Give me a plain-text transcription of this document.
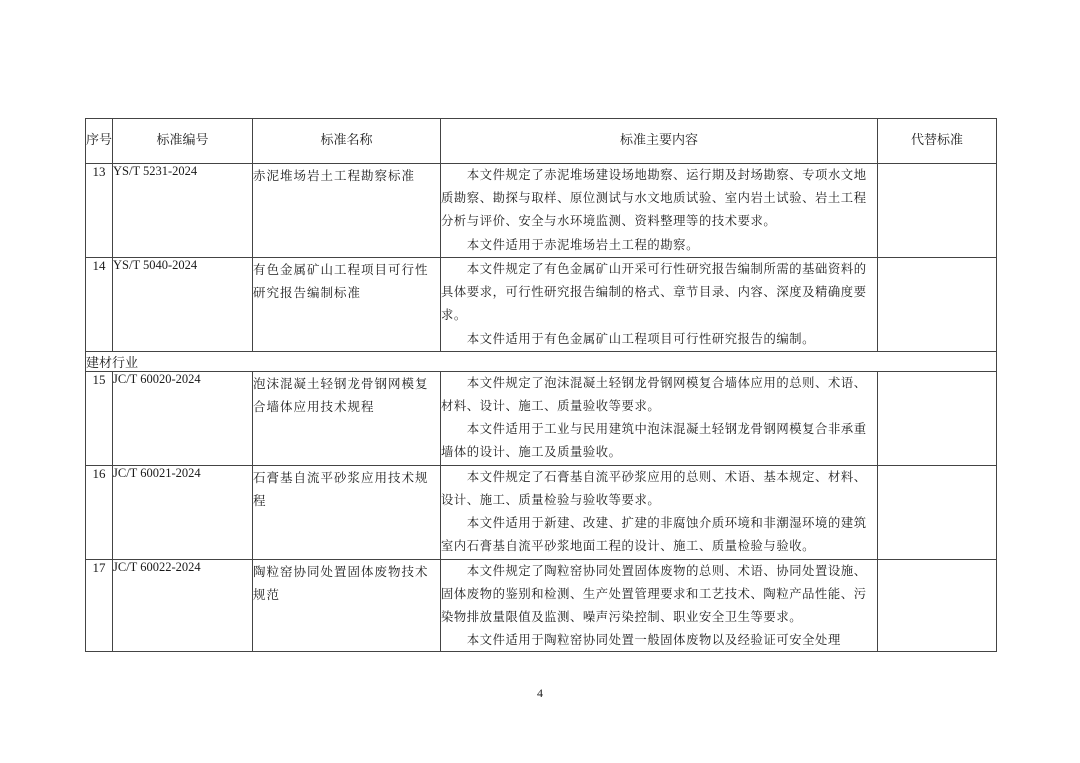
序号	标准编号	标准名称	标准主要内容	代替标准
13	YS/T 5231-2024	赤泥堆场岩土工程勘察标准	本文件规定了赤泥堆场建设场地勘察、运行期及封场勘察、专项水文地质勘察、勘探与取样、原位测试与水文地质试验、室内岩土试验、岩土工程分析与评价、安全与水环境监测、资料整理等的技术要求。

本文件适用于赤泥堆场岩土工程的勘察。	

14	YS/T 5040-2024	有色金属矿山工程项目可行性研究报告编制标准	本文件规定了有色金属矿山开采可行性研究报告编制所需的基础资料的具体要求，可行性研究报告编制的格式、章节目录、内容、深度及精确度要求。

本文件适用于有色金属矿山工程项目可行性研究报告的编制。	

建材行业				
15	JC/T 60020-2024	泡沫混凝土轻钢龙骨钢网模复合墙体应用技术规程	本文件规定了泡沫混凝土轻钢龙骨钢网模复合墙体应用的总则、术语、材料、设计、施工、质量验收等要求。

本文件适用于工业与民用建筑中泡沫混凝土轻钢龙骨钢网模复合非承重墙体的设计、施工及质量验收。	

16	JC/T 60021-2024	石膏基自流平砂浆应用技术规程	本文件规定了石膏基自流平砂浆应用的总则、术语、基本规定、材料、设计、施工、质量检验与验收等要求。

本文件适用于新建、改建、扩建的非腐蚀介质环境和非潮湿环境的建筑室内石膏基自流平砂浆地面工程的设计、施工、质量检验与验收。	

17	JC/T 60022-2024	陶粒窑协同处置固体废物技术规范	本文件规定了陶粒窑协同处置固体废物的总则、术语、协同处置设施、固体废物的鉴别和检测、生产处置管理要求和工艺技术、陶粒产品性能、污染物排放量限值及监测、噪声污染控制、职业安全卫生等要求。

本文件适用于陶粒窑协同处置一般固体废物以及经验证可安全处理	

4
